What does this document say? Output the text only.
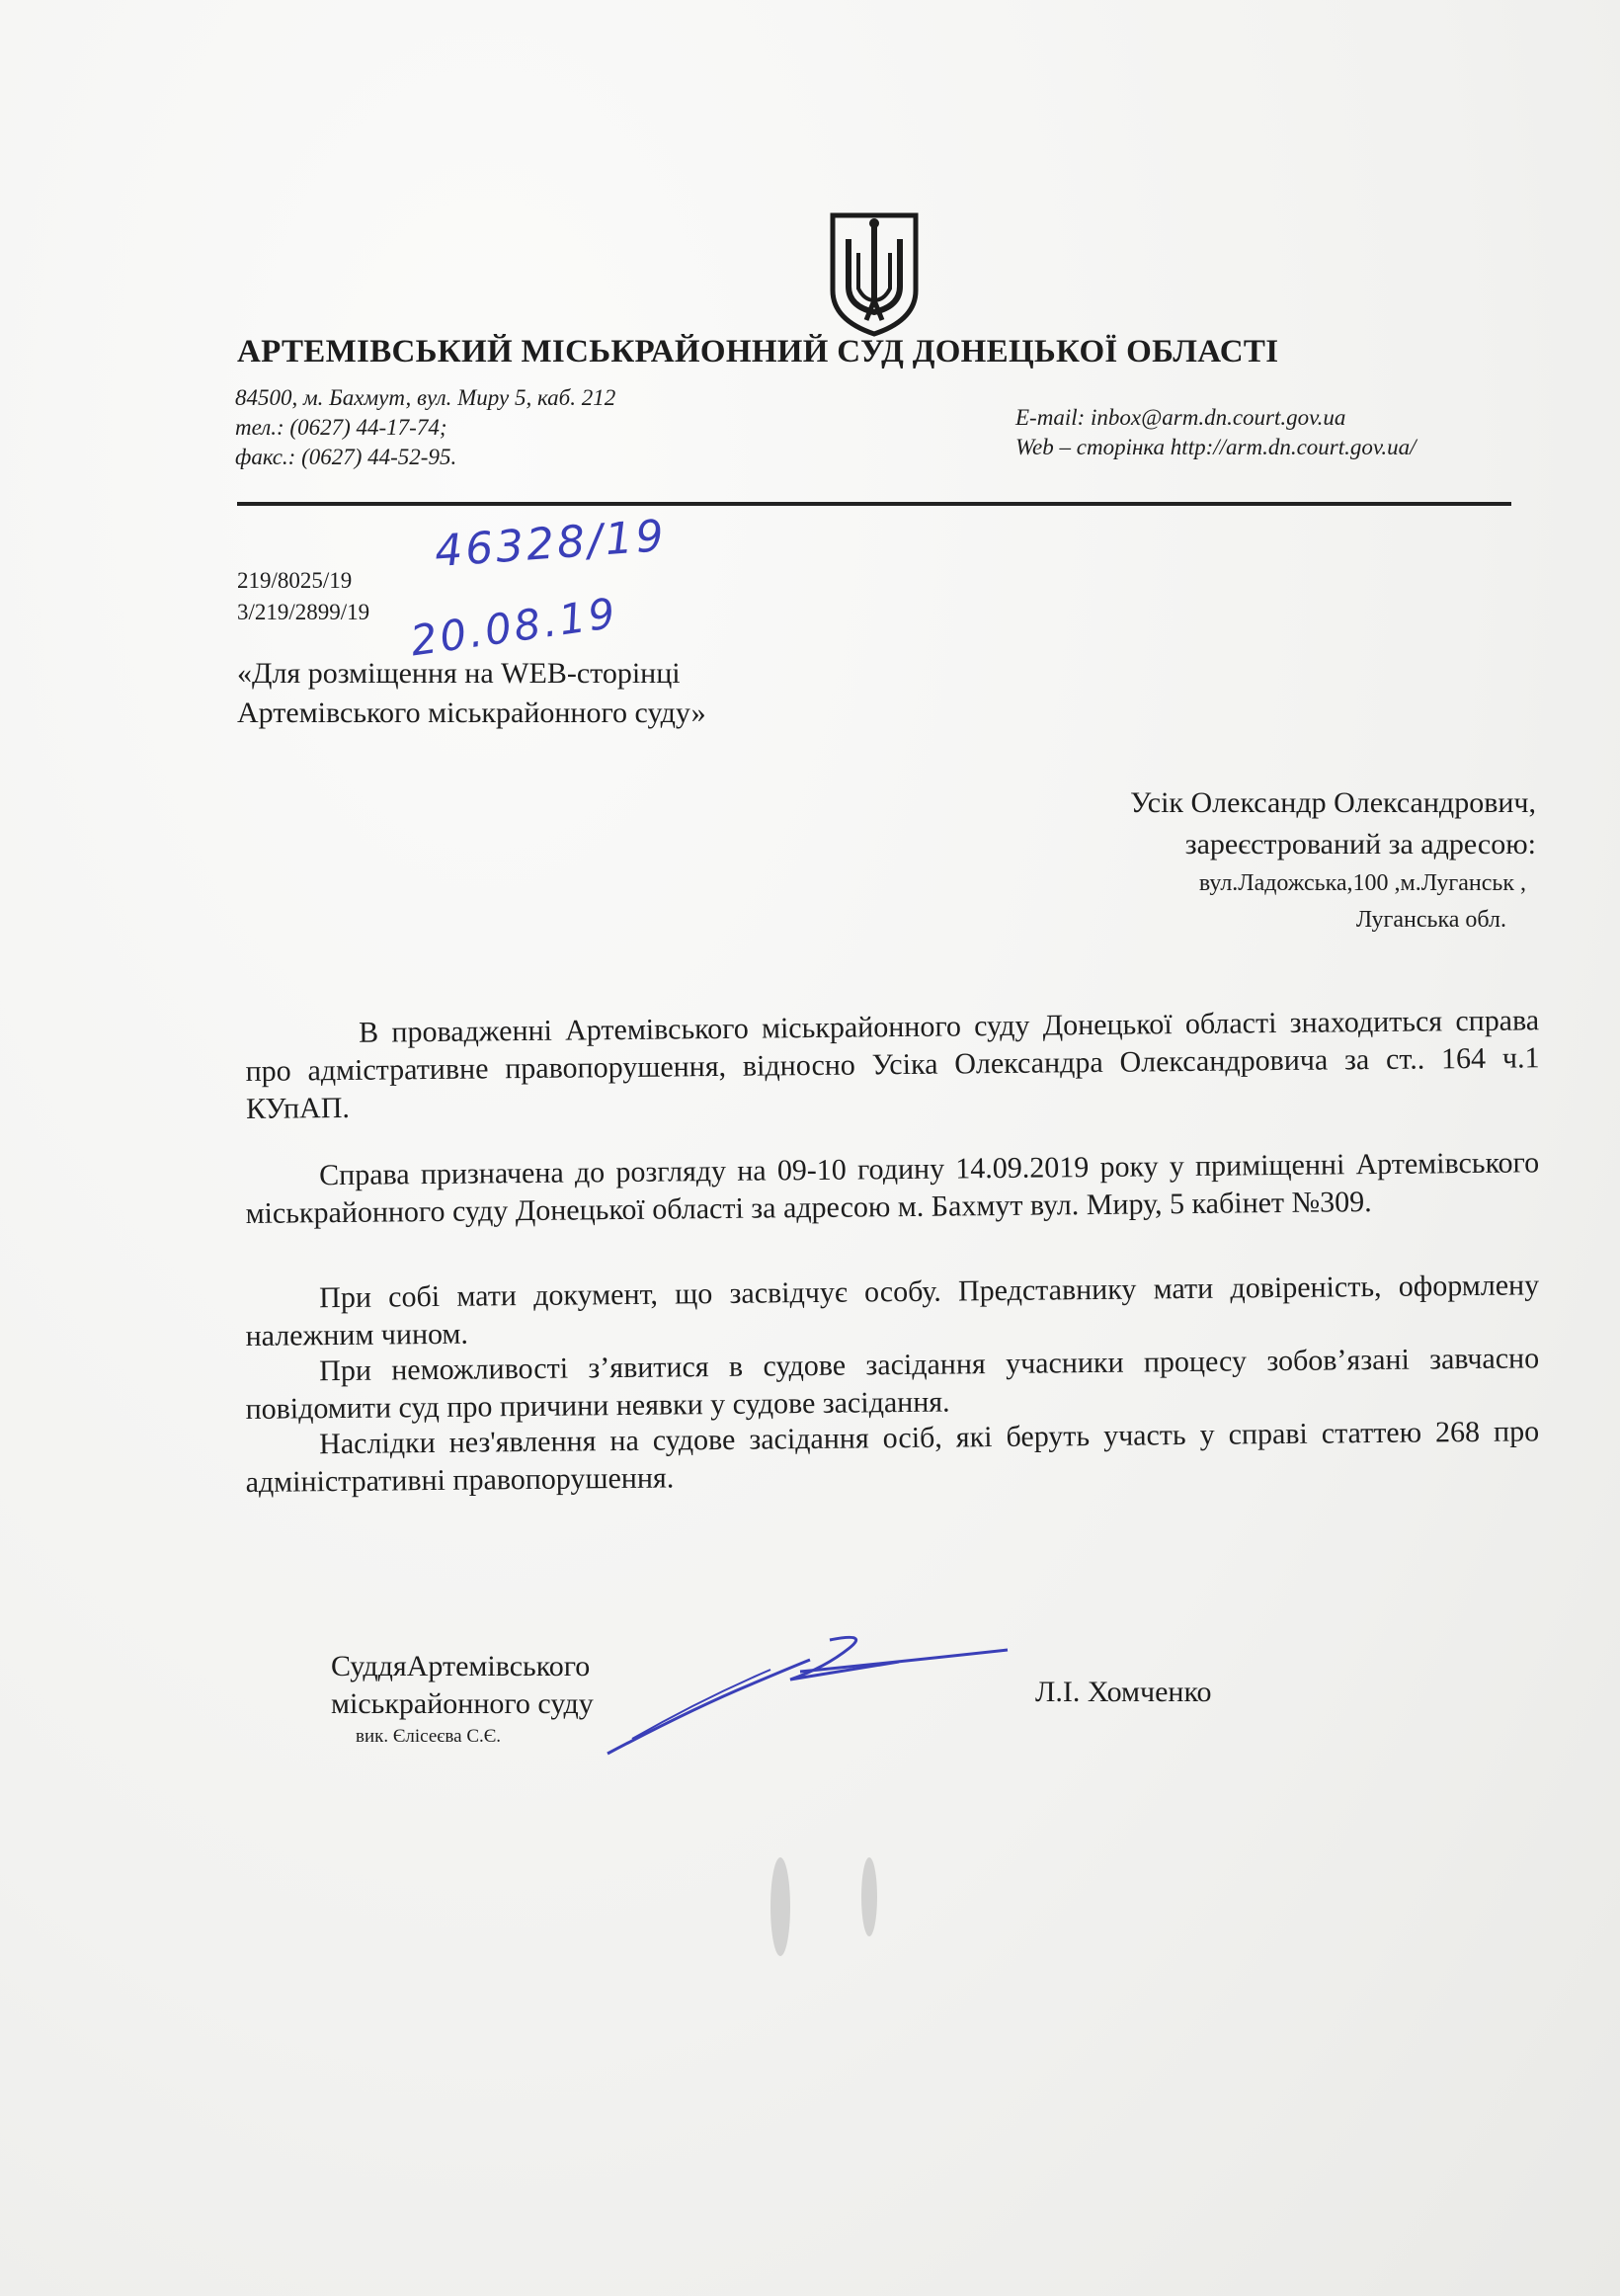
АРТЕМІВСЬКИЙ МІСЬКРАЙОННИЙ СУД ДОНЕЦЬКОЇ ОБЛАСТІ
84500, м. Бахмут, вул. Миру 5, каб. 212
тел.: (0627) 44-17-74;
факс.: (0627) 44-52-95.
E-mail: inbox@arm.dn.court.gov.ua
Web – сторінка http://arm.dn.court.gov.ua/
46328/19
20.08.19
219/8025/19
3/219/2899/19
«Для розміщення на WEB-сторінці
Артемівського міськрайонного суду»
Усік Олександр Олександрович,
зареєстрований за адресою:
вул.Ладожська,100 ,м.Луганськ ,
Луганська обл.
В провадженні Артемівського міськрайонного суду Донецької області знаходиться справа про адмістративне правопорушення, відносно Усіка Олександра Олександровича за ст.. 164 ч.1 КУпАП.
Справа призначена до розгляду на 09-10 годину 14.09.2019 року у приміщенні Артемівського міськрайонного суду Донецької області за адресою м. Бахмут вул. Миру, 5 кабінет №309.
При собі мати документ, що засвідчує особу. Представнику мати довіреність, оформлену належним чином.
При неможливості з’явитися в судове засідання учасники процесу зобов’язані завчасно повідомити суд про причини неявки у судове засідання.
Наслідки нез'явлення на судове засідання осіб, які беруть участь у справі статтею 268 про адміністративні правопорушення.
СуддяАртемівського
міськрайонного суду
вик. Єлісеєва С.Є.
Л.І. Хомченко
